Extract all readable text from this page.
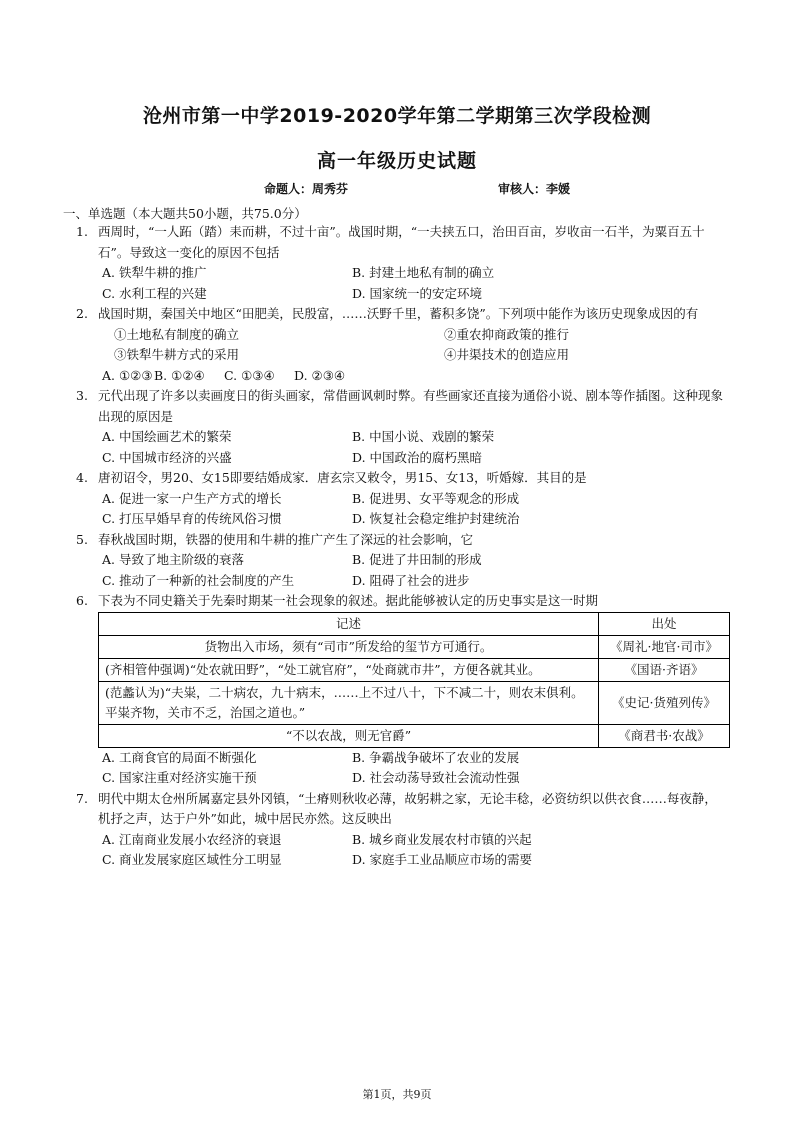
沧州市第一中学2019-2020学年第二学期第三次学段检测
高一年级历史试题
命题人：周秀芬	审核人：李媛
一、单选题（本大题共50小题，共75.0分）
1. 西周时，“一人跖（踏）耒而耕，不过十亩”。战国时期，“一夫挟五口，治田百亩，岁收亩一石半，为粟百五十石”。导致这一变化的原因不包括
A. 铁犁牛耕的推广	B. 封建土地私有制的确立
C. 水利工程的兴建	D. 国家统一的安定环境
2. 战国时期，秦国关中地区“田肥美，民殷富，……沃野千里，蓄积多饶”。下列项中能作为该历史现象成因的有
①土地私有制度的确立	②重农抑商政策的推行
③铁犁牛耕方式的采用	④井渠技术的创造应用
A. ①②③ B. ①②④	C. ①③④	D. ②③④
3. 元代出现了许多以卖画度日的街头画家，常借画讽刺时弊。有些画家还直接为通俗小说、剧本等作插图。这种现象出现的原因是
A. 中国绘画艺术的繁荣	B. 中国小说、戏剧的繁荣
C. 中国城市经济的兴盛	D. 中国政治的腐朽黑暗
4. 唐初诏令，男20、女15即要结婚成家．唐玄宗又敕令，男15、女13，听婚嫁．其目的是
A. 促进一家一户生产方式的增长	B. 促进男、女平等观念的形成
C. 打压早婚早育的传统风俗习惯	D. 恢复社会稳定维护封建统治
5. 春秋战国时期，铁器的使用和牛耕的推广产生了深远的社会影响，它
A. 导致了地主阶级的衰落	B. 促进了井田制的形成
C. 推动了一种新的社会制度的产生	D. 阻碍了社会的进步
6. 下表为不同史籍关于先秦时期某一社会现象的叙述。据此能够被认定的历史事实是这一时期
记述	出处
货物出入市场，须有“司市”所发给的玺节方可通行。	《周礼·地官·司市》
(齐相管仲强调)“处农就田野”，“处工就官府”，“处商就市井”，方便各就其业。	《国语·齐语》
(范蠡认为)“夫粜，二十病农，九十病末，……上不过八十，下不减二十，则农末俱利。平粜齐物，关市不乏，治国之道也。”	《史记·货殖列传》
“不以农战，则无官爵”	《商君书·农战》
A. 工商食官的局面不断强化	B. 争霸战争破坏了农业的发展
C. 国家注重对经济实施干预	D. 社会动荡导致社会流动性强
7. 明代中期太仓州所属嘉定县外冈镇，“土瘠则秋收必薄，故躬耕之家，无论丰稔，必资纺织以供衣食……每夜静，机抒之声，达于户外”如此，城中居民亦然。这反映出
A. 江南商业发展小农经济的衰退	B. 城乡商业发展农村市镇的兴起
C. 商业发展家庭区域性分工明显	D. 家庭手工业品顺应市场的需要
第1页，共9页
